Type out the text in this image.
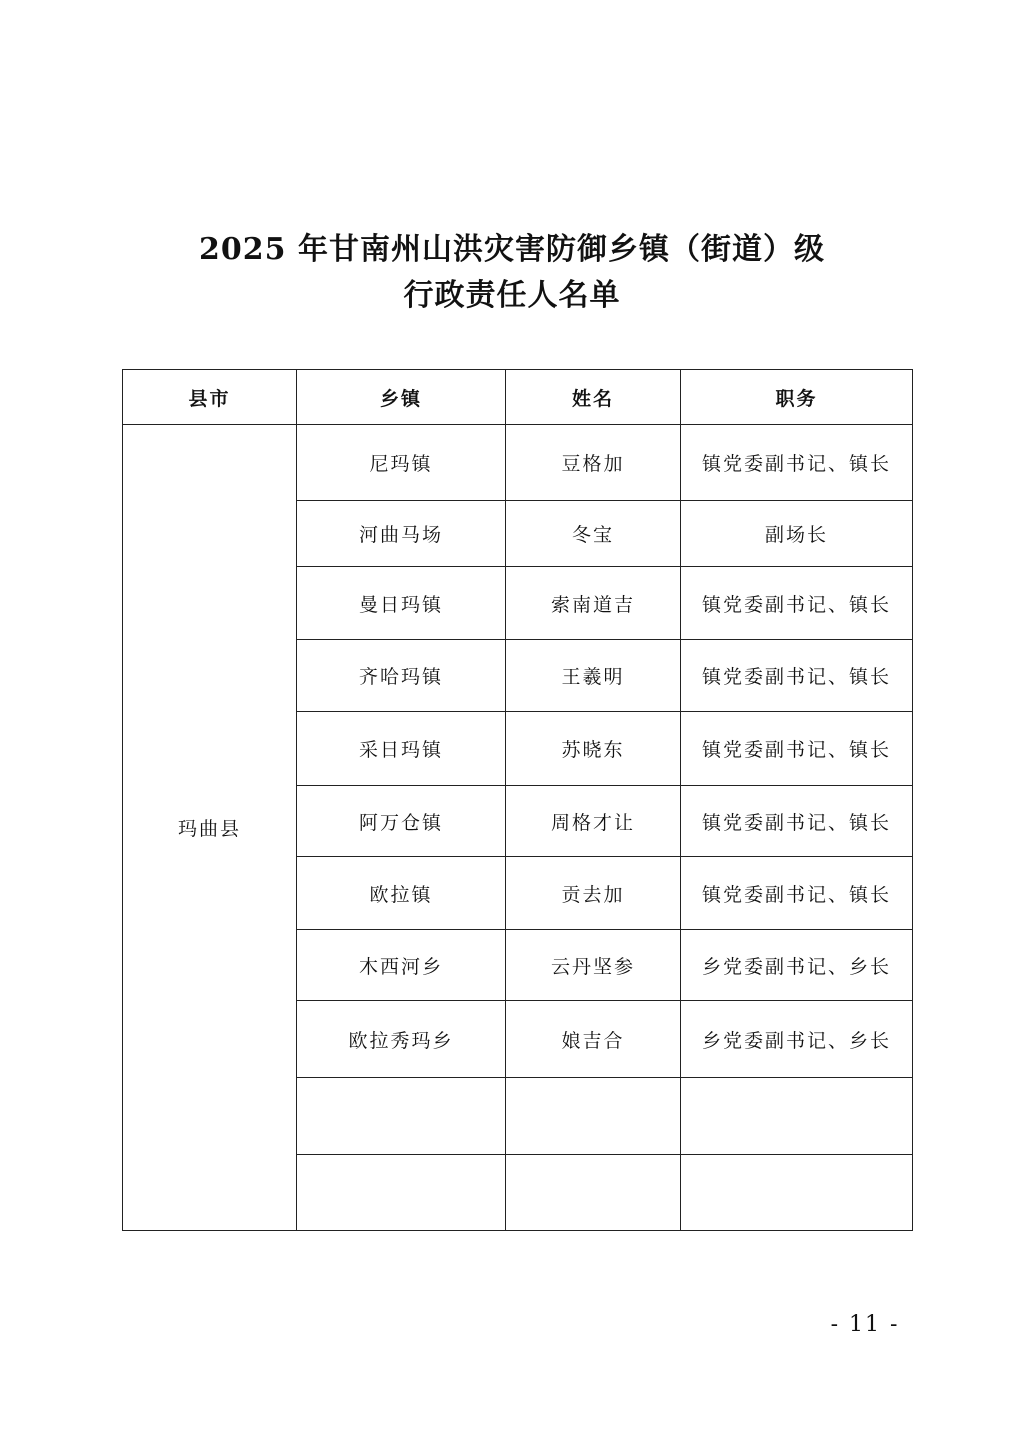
2025 年甘南州山洪灾害防御乡镇（街道）级
行政责任人名单
县市	乡镇	姓名	职务
玛曲县	尼玛镇	豆格加	镇党委副书记、镇长
	河曲马场	冬宝	副场长
	曼日玛镇	索南道吉	镇党委副书记、镇长
	齐哈玛镇	王羲明	镇党委副书记、镇长
	采日玛镇	苏晓东	镇党委副书记、镇长
	阿万仓镇	周格才让	镇党委副书记、镇长
	欧拉镇	贡去加	镇党委副书记、镇长
	木西河乡	云丹坚参	乡党委副书记、乡长
	欧拉秀玛乡	娘吉合	乡党委副书记、乡长

- 11 -
